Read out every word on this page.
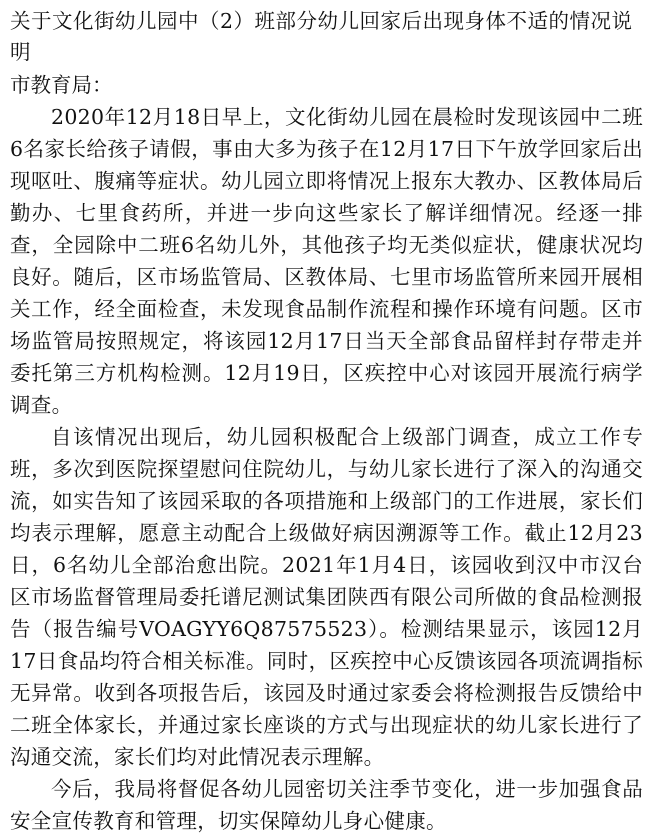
关于文化街幼儿园中（2）班部分幼儿回家后出现身体不适的情况说明

市教育局：

2020年12月18日早上，文化街幼儿园在晨检时发现该园中二班6名家长给孩子请假，事由大多为孩子在12月17日下午放学回家后出现呕吐、腹痛等症状。幼儿园立即将情况上报东大教办、区教体局后勤办、七里食药所，并进一步向这些家长了解详细情况。经逐一排查，全园除中二班6名幼儿外，其他孩子均无类似症状，健康状况均良好。随后，区市场监管局、区教体局、七里市场监管所来园开展相关工作，经全面检查，未发现食品制作流程和操作环境有问题。区市场监管局按照规定，将该园12月17日当天全部食品留样封存带走并委托第三方机构检测。12月19日，区疾控中心对该园开展流行病学调查。

自该情况出现后，幼儿园积极配合上级部门调查，成立工作专班，多次到医院探望慰问住院幼儿，与幼儿家长进行了深入的沟通交流，如实告知了该园采取的各项措施和上级部门的工作进展，家长们均表示理解，愿意主动配合上级做好病因溯源等工作。截止12月23日，6名幼儿全部治愈出院。2021年1月4日，该园收到汉中市汉台区市场监督管理局委托谱尼测试集团陕西有限公司所做的食品检测报告（报告编号VOAGYY6Q87575523）。检测结果显示，该园12月17日食品均符合相关标准。同时，区疾控中心反馈该园各项流调指标无异常。收到各项报告后，该园及时通过家委会将检测报告反馈给中二班全体家长，并通过家长座谈的方式与出现症状的幼儿家长进行了沟通交流，家长们均对此情况表示理解。

今后，我局将督促各幼儿园密切关注季节变化，进一步加强食品安全宣传教育和管理，切实保障幼儿身心健康。
